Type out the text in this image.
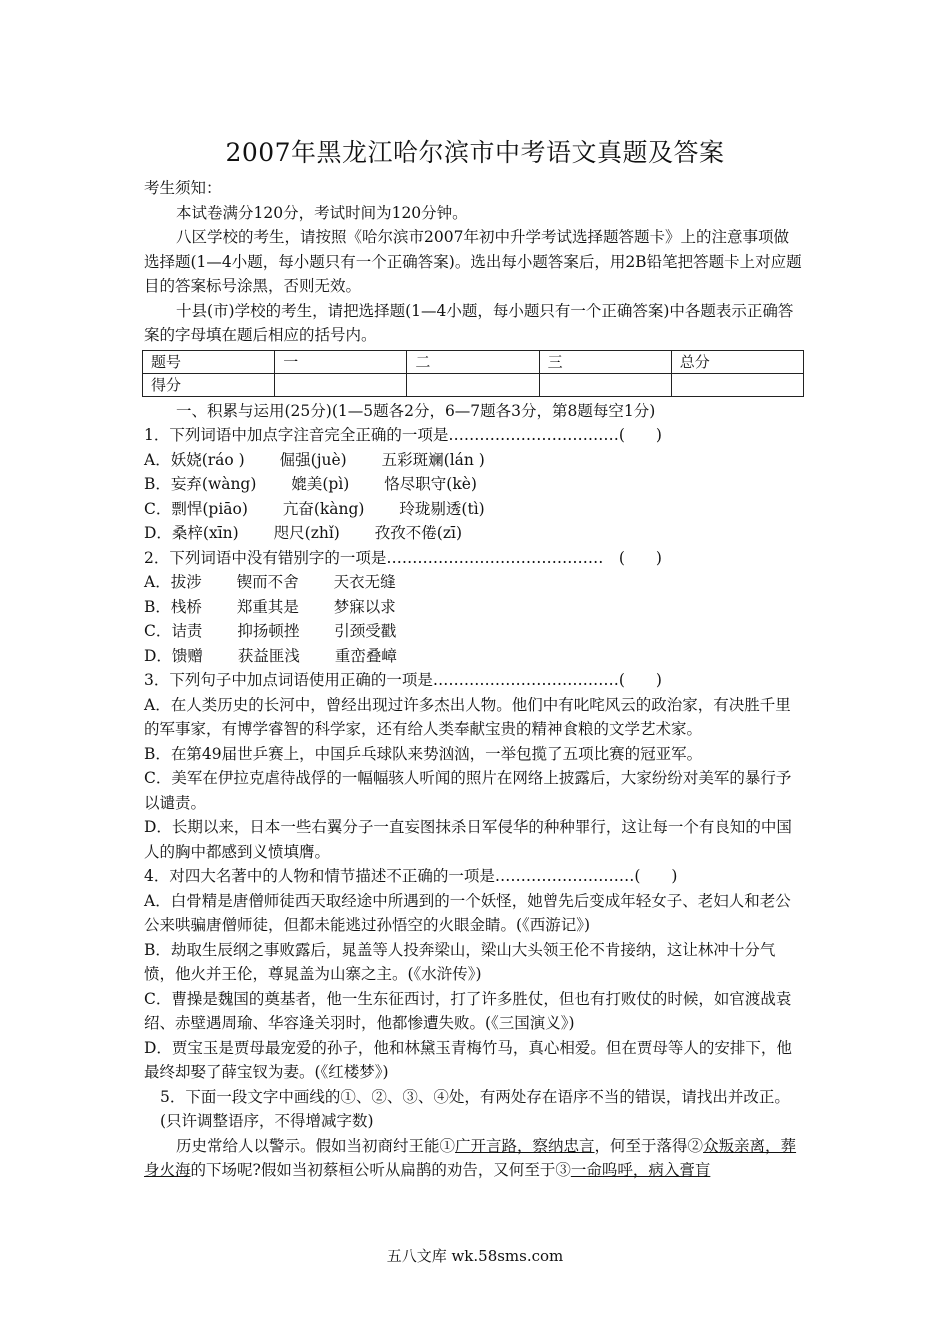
2007年黑龙江哈尔滨市中考语文真题及答案
考生须知：
本试卷满分120分，考试时间为120分钟。
八区学校的考生，请按照《哈尔滨市2007年初中升学考试选择题答题卡》上的注意事项做选择题(1—4小题，每小题只有一个正确答案)。选出每小题答案后，用2B铅笔把答题卡上对应题目的答案标号涂黑，否则无效。
十县(市)学校的考生，请把选择题(1—4小题，每小题只有一个正确答案)中各题表示正确答案的字母填在题后相应的括号内。
题号	一	二	三	总分
得分				
一、积累与运用(25分)(1—5题各2分，6—7题各3分，第8题每空1分)
1．下列词语中加点字注音完全正确的一项是……………………………(　　)
A．妖娆(ráo ) 倔强(juè) 五彩斑斓(lán )
B．妄弃(wàng) 媲美(pì) 恪尽职守(kè)
C．剽悍(piāo) 亢奋(kàng) 玲珑剔透(tì)
D．桑梓(xīn) 咫尺(zhǐ) 孜孜不倦(zī)
2．下列词语中没有错别字的一项是……………………………………　(　　)
A．拔涉 锲而不舍 天衣无缝
B．栈桥 郑重其是 梦寐以求
C．诘责 抑扬顿挫 引颈受戳
D．馈赠 获益匪浅 重峦叠嶂
3．下列句子中加点词语使用正确的一项是………………………………(　　)
A．在人类历史的长河中，曾经出现过许多杰出人物。他们中有叱咤风云的政治家，有决胜千里的军事家，有博学睿智的科学家，还有给人类奉献宝贵的精神食粮的文学艺术家。
B．在第49届世乒赛上，中国乒乓球队来势汹汹，一举包揽了五项比赛的冠亚军。
C．美军在伊拉克虐待战俘的一幅幅骇人听闻的照片在网络上披露后，大家纷纷对美军的暴行予以谴责。
D．长期以来，日本一些右翼分子一直妄图抹杀日军侵华的种种罪行，这让每一个有良知的中国人的胸中都感到义愤填膺。
4．对四大名著中的人物和情节描述不正确的一项是………………………(　　)
A．白骨精是唐僧师徒西天取经途中所遇到的一个妖怪，她曾先后变成年轻女子、老妇人和老公公来哄骗唐僧师徒，但都未能逃过孙悟空的火眼金睛。(《西游记》)
B．劫取生辰纲之事败露后，晁盖等人投奔梁山，梁山大头领王伦不肯接纳，这让林冲十分气愤，他火并王伦，尊晁盖为山寨之主。(《水浒传》)
C．曹操是魏国的奠基者，他一生东征西讨，打了许多胜仗，但也有打败仗的时候，如官渡战袁绍、赤壁遇周瑜、华容逢关羽时，他都惨遭失败。(《三国演义》)
D．贾宝玉是贾母最宠爱的孙子，他和林黛玉青梅竹马，真心相爱。但在贾母等人的安排下，他最终却娶了薛宝钗为妻。(《红楼梦》)
5．下面一段文字中画线的①、②、③、④处，有两处存在语序不当的错误，请找出并改正。(只许调整语序，不得增减字数)
历史常给人以警示。假如当初商纣王能①广开言路，察纳忠言，何至于落得②众叛亲离，葬身火海的下场呢?假如当初蔡桓公听从扁鹊的劝告，又何至于③一命呜呼，病入膏肓
五八文库 wk.58sms.com
